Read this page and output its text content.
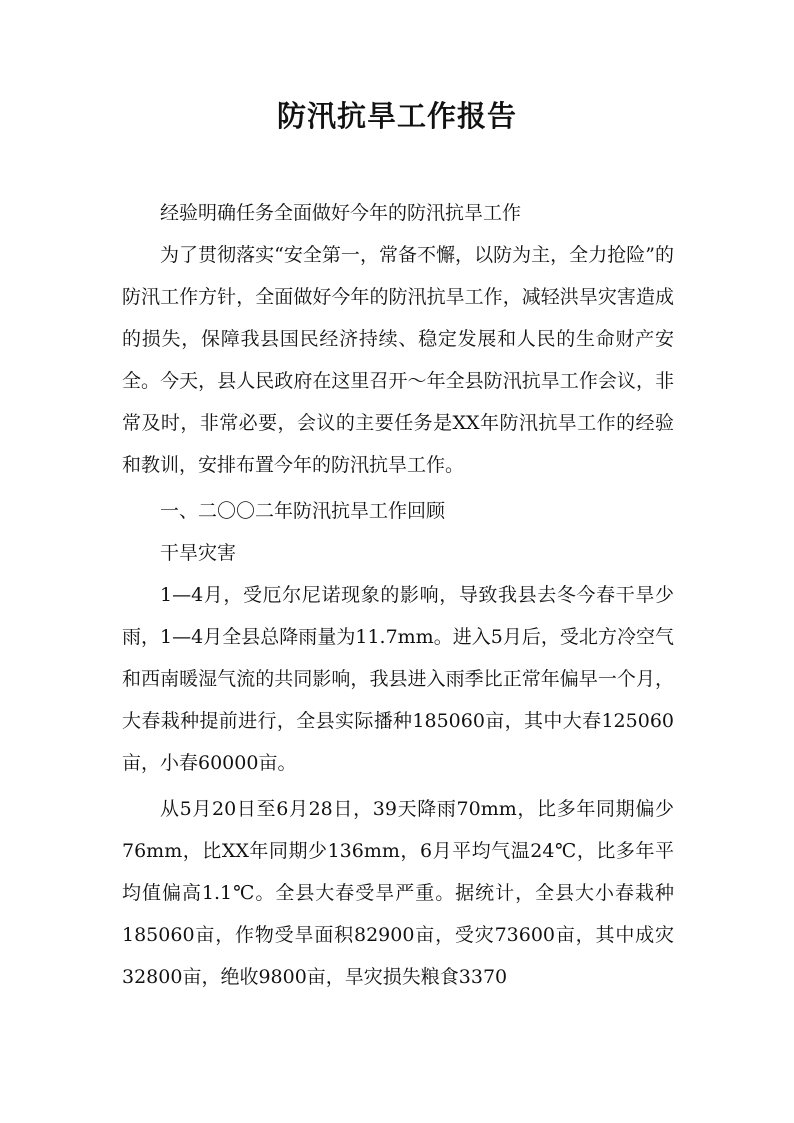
防汛抗旱工作报告

经验明确任务全面做好今年的防汛抗旱工作

为了贯彻落实“安全第一，常备不懈，以防为主，全力抢险”的防汛工作方针，全面做好今年的防汛抗旱工作，减轻洪旱灾害造成的损失，保障我县国民经济持续、稳定发展和人民的生命财产安全。今天，县人民政府在这里召开～年全县防汛抗旱工作会议，非常及时，非常必要，会议的主要任务是XX年防汛抗旱工作的经验和教训，安排布置今年的防汛抗旱工作。

一、二〇〇二年防汛抗旱工作回顾

干旱灾害

1—4月，受厄尔尼诺现象的影响，导致我县去冬今春干旱少雨，1—4月全县总降雨量为11.7mm。进入5月后，受北方冷空气和西南暖湿气流的共同影响，我县进入雨季比正常年偏早一个月，大春栽种提前进行，全县实际播种185060亩，其中大春125060亩，小春60000亩。

从5月20日至6月28日，39天降雨70mm，比多年同期偏少76mm，比XX年同期少136mm，6月平均气温24℃，比多年平均值偏高1.1℃。全县大春受旱严重。据统计，全县大小春栽种185060亩，作物受旱面积82900亩，受灾73600亩，其中成灾32800亩，绝收9800亩，旱灾损失粮食3370
